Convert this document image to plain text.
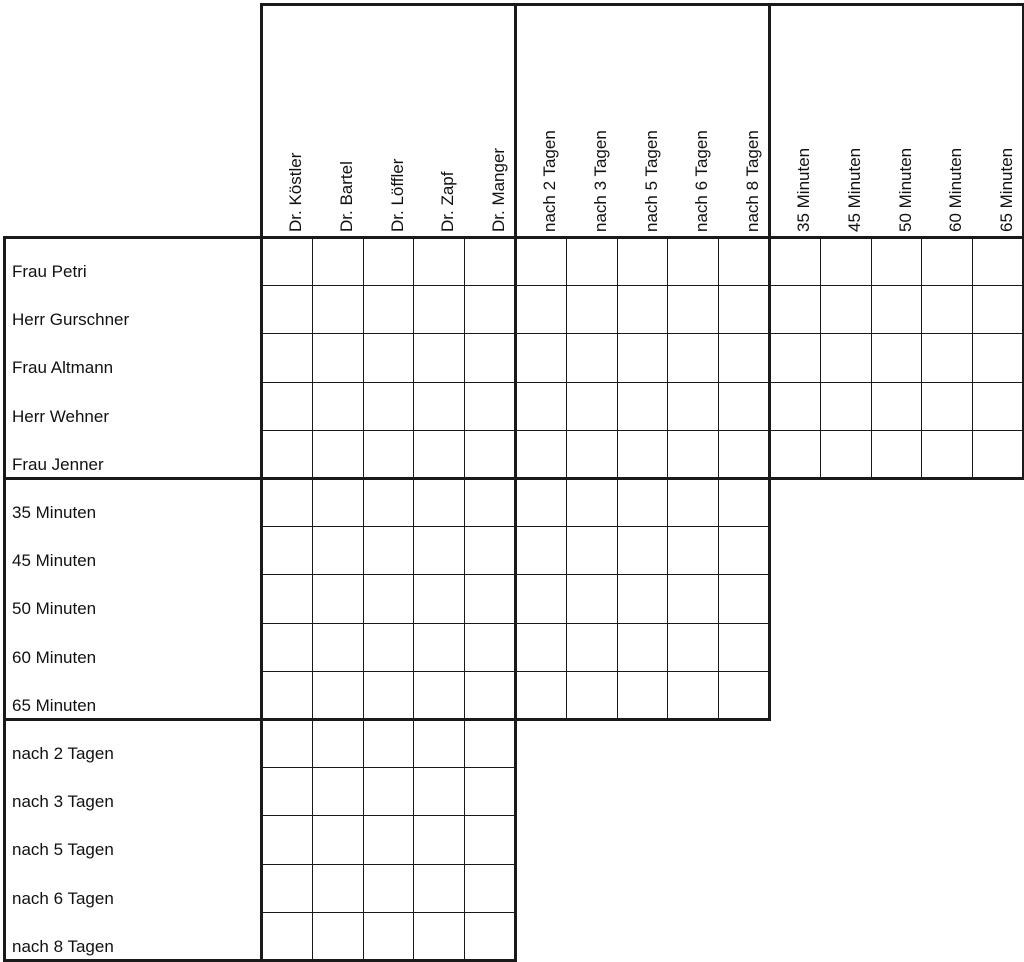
Dr. Köstler Dr. Bartel Dr. Löffler Dr. Zapf Dr. Manger nach 2 Tagen nach 3 Tagen nach 5 Tagen nach 6 Tagen nach 8 Tagen 35 Minuten 45 Minuten 50 Minuten 60 Minuten 65 Minuten
Frau Petri
Herr Gurschner
Frau Altmann
Herr Wehner
Frau Jenner
35 Minuten
45 Minuten
50 Minuten
60 Minuten
65 Minuten
nach 2 Tagen
nach 3 Tagen
nach 5 Tagen
nach 6 Tagen
nach 8 Tagen
